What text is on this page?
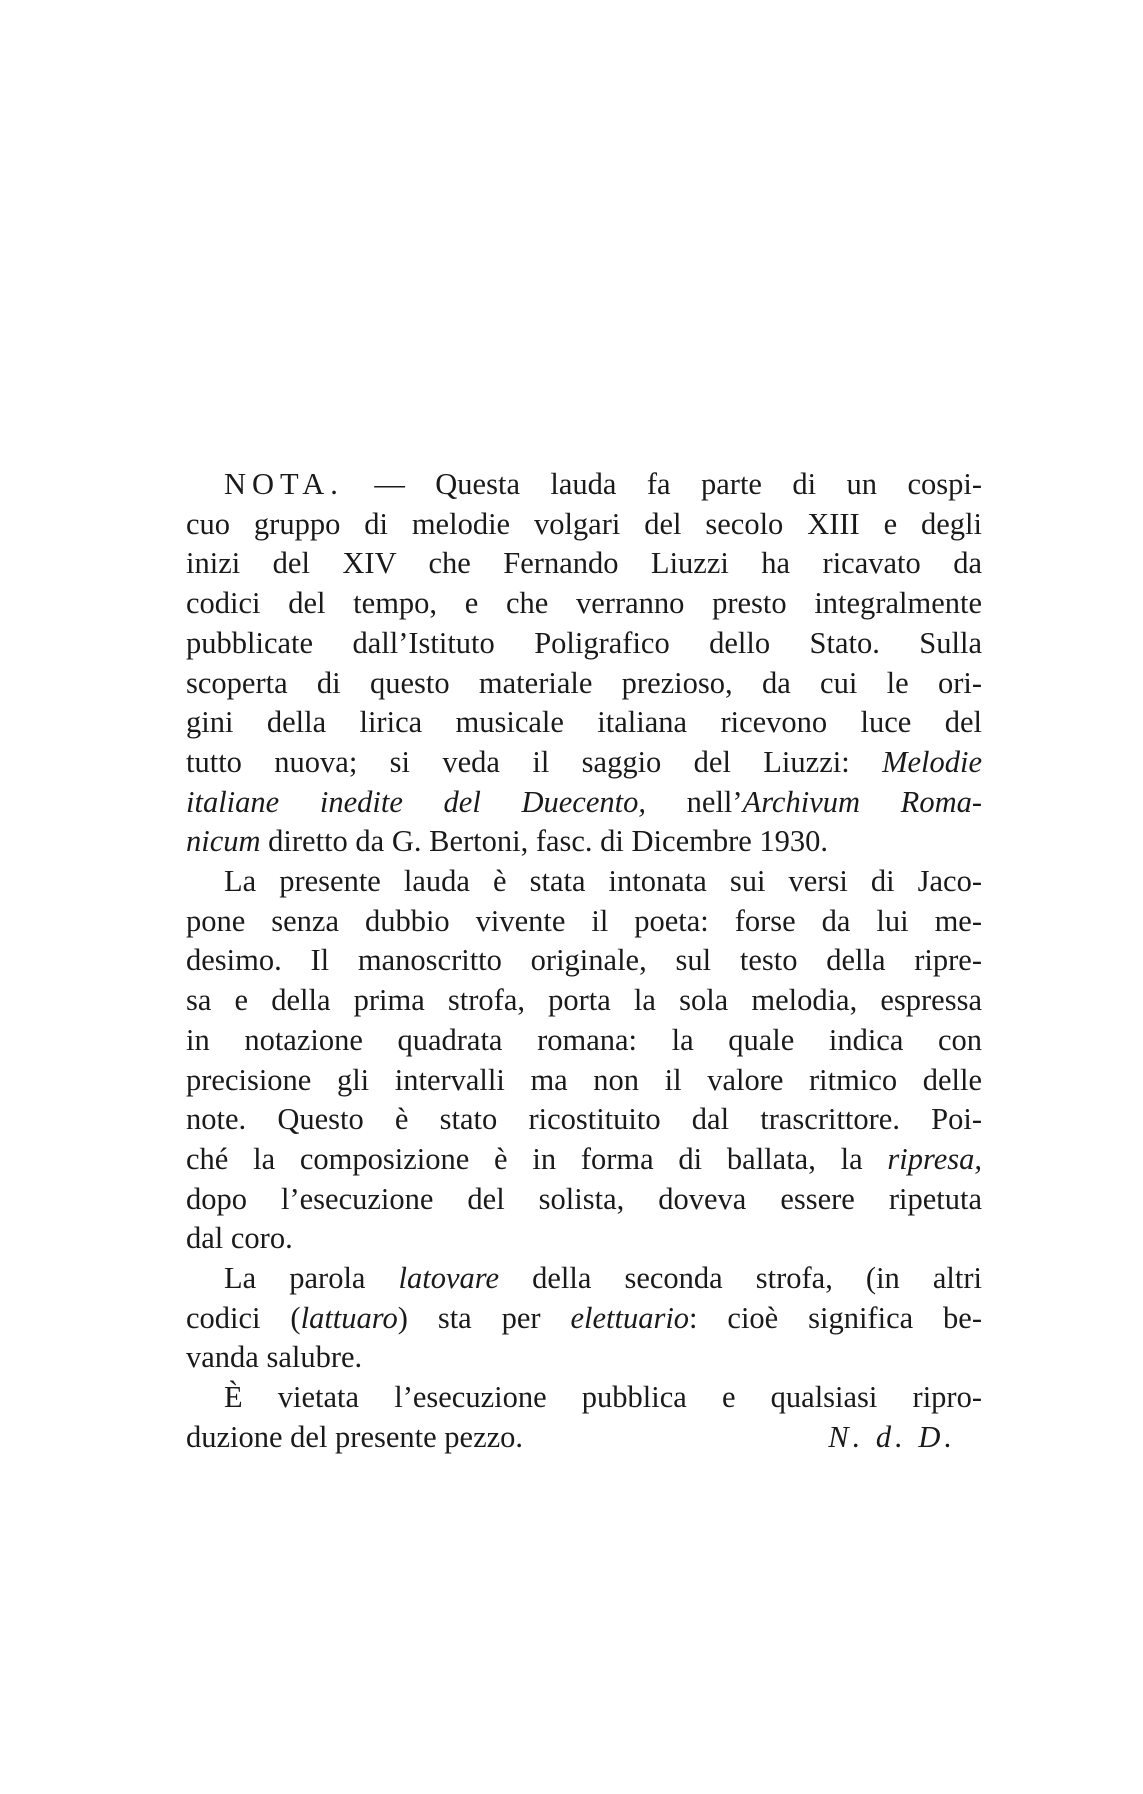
NOTA. — Questa lauda fa parte di un cospi-
cuo gruppo di melodie volgari del secolo XIII e degli
inizi del XIV che Fernando Liuzzi ha ricavato da
codici del tempo, e che verranno presto integralmente
pubblicate dall’Istituto Poligrafico dello Stato. Sulla
scoperta di questo materiale prezioso, da cui le ori-
gini della lirica musicale italiana ricevono luce del
tutto nuova; si veda il saggio del Liuzzi: Melodie
italiane inedite del Duecento, nell’Archivum Roma-
nicum diretto da G. Bertoni, fasc. di Dicembre 1930.
La presente lauda è stata intonata sui versi di Jaco-
pone senza dubbio vivente il poeta: forse da lui me-
desimo. Il manoscritto originale, sul testo della ripre-
sa e della prima strofa, porta la sola melodia, espressa
in notazione quadrata romana: la quale indica con
precisione gli intervalli ma non il valore ritmico delle
note. Questo è stato ricostituito dal trascrittore. Poi-
ché la composizione è in forma di ballata, la ripresa,
dopo l’esecuzione del solista, doveva essere ripetuta
dal coro.
La parola latovare della seconda strofa, (in altri
codici (lattuaro) sta per elettuario: cioè significa be-
vanda salubre.
È vietata l’esecuzione pubblica e qualsiasi ripro-
duzione del presente pezzo.	N. d. D.
